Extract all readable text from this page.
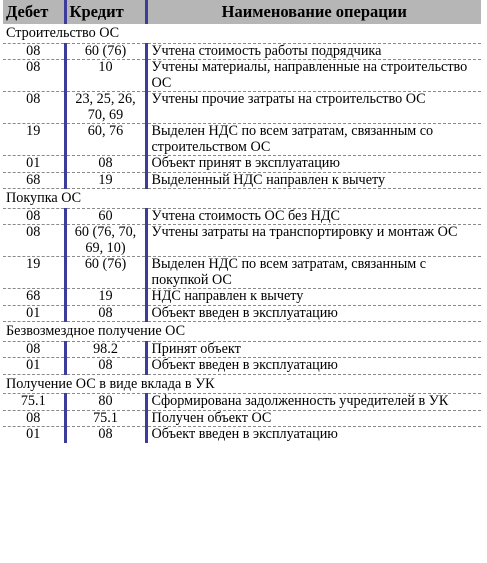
Дебет	Кредит	Наименование операции
Строительство ОС		
08	60 (76)	Учтена стоимость работы подрядчика
08	10	Учтены материалы, направленные на строительство ОС
08	23, 25, 26, 70, 69	Учтены прочие затраты на строительство ОС
19	60, 76	Выделен НДС по всем затратам, связанным со строительством ОС
01	08	Объект принят в эксплуатацию
68	19	Выделенный НДС направлен к вычету
Покупка ОС		
08	60	Учтена стоимость ОС без НДС
08	60 (76, 70, 69, 10)	Учтены затраты на транспортировку и монтаж ОС
19	60 (76)	Выделен НДС по всем затратам, связанным с покупкой ОС
68	19	НДС направлен к вычету
01	08	Объект введен в эксплуатацию
Безвозмездное получение ОС		
08	98.2	Принят объект
01	08	Объект введен в эксплуатацию
Получение ОС в виде вклада в УК		
75.1	80	Сформирована задолженность учредителей в УК
08	75.1	Получен объект ОС
01	08	Объект введен в эксплуатацию
